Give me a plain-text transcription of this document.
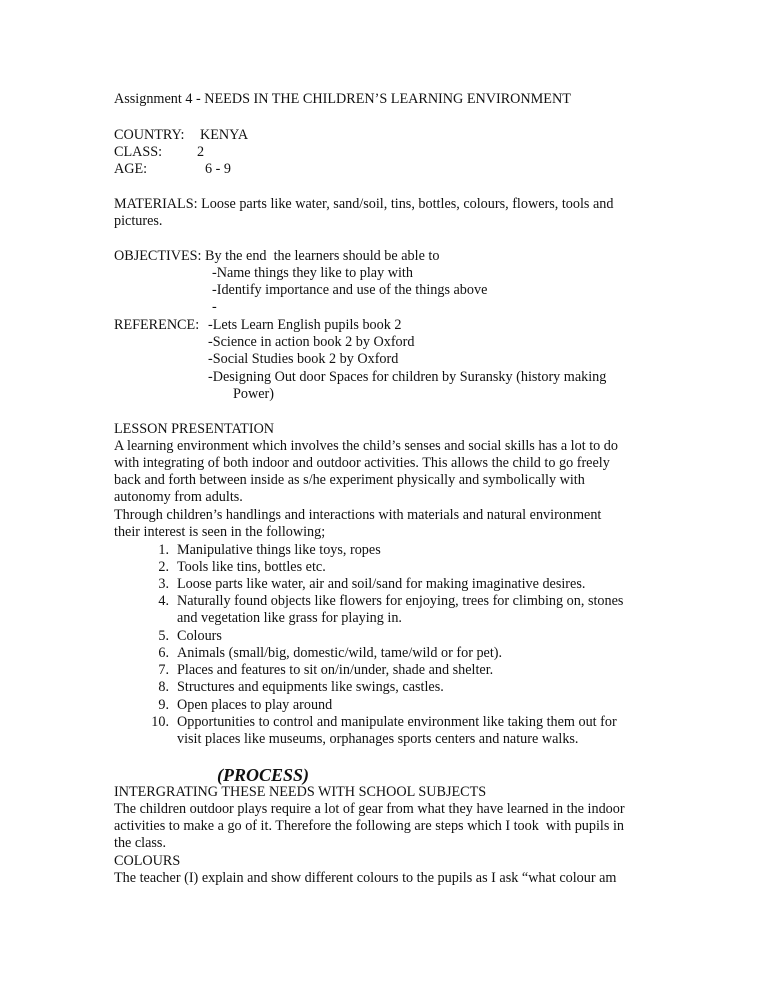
Assignment 4 - NEEDS IN THE CHILDREN’S LEARNING ENVIRONMENT
COUNTRY: KENYA
CLASS: 2
AGE:	6 - 9
MATERIALS: Loose parts like water, sand/soil, tins, bottles, colours, flowers, tools and
pictures.
OBJECTIVES: By the end  the learners should be able to
-Name things they like to play with
-Identify importance and use of the things above
-
REFERENCE: -Lets Learn English pupils book 2
-Science in action book 2 by Oxford
-Social Studies book 2 by Oxford
-Designing Out door Spaces for children by Suransky (history making
Power)
LESSON PRESENTATION
A learning environment which involves the child’s senses and social skills has a lot to do
with integrating of both indoor and outdoor activities. This allows the child to go freely
back and forth between inside as s/he experiment physically and symbolically with
autonomy from adults.
Through children’s handlings and interactions with materials and natural environment
their interest is seen in the following;
1. Manipulative things like toys, ropes
2. Tools like tins, bottles etc.
3. Loose parts like water, air and soil/sand for making imaginative desires.
4. Naturally found objects like flowers for enjoying, trees for climbing on, stones
and vegetation like grass for playing in.
5. Colours
6. Animals (small/big, domestic/wild, tame/wild or for pet).
7. Places and features to sit on/in/under, shade and shelter.
8. Structures and equipments like swings, castles.
9. Open places to play around
10. Opportunities to control and manipulate environment like taking them out for
visit places like museums, orphanages sports centers and nature walks.
(PROCESS)
INTERGRATING THESE NEEDS WITH SCHOOL SUBJECTS
The children outdoor plays require a lot of gear from what they have learned in the indoor
activities to make a go of it. Therefore the following are steps which I took  with pupils in
the class.
COLOURS
The teacher (I) explain and show different colours to the pupils as I ask “what colour am
